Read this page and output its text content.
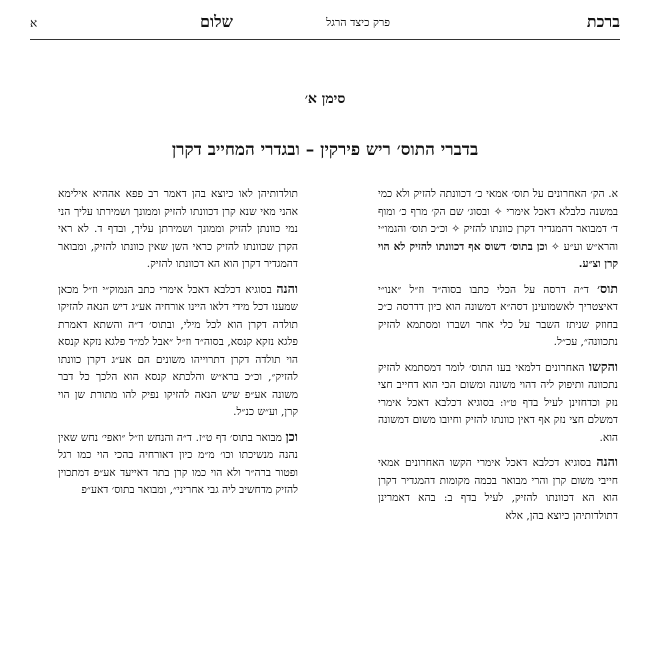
ברכת
פרק כיצד הרגל
שלום
א
סימן א׳
בדברי התוס׳ ריש פירקין – ובגדרי המחייב דקרן

א. הק׳ האחרונים על תוס׳ אמאי כ׳ דכוונתה להזיק ולא כמי במשנה כלבלא דאכל אימרי ✧ ובסוג׳ שם הק׳ מרף כ׳ ומוף ד׳ דמבואר דהמגדיר דקרן כוונתו להזיק ✧ וכ״כ תוס׳ והגמו״י והרא״ש וע״ע ✧ וכן בתוס׳ דשוס אף דכוונתו להזיק לא הוי קרן וצ״ע.

תוס׳ ד״ה דרסה על הכלי כתבו בסוה״ד וז״ל ״אנו״י דאיצטריך לאשמועינן דסה״א דמשונה הוא כיון דדרסה כ״כ בחוזק שניתז השבר על כלי אחר ושברו ומסתמא להזיק נתכוונה״, עכ״ל.

והקשו האחרונים דלמאי בעו התוס׳ לומר דמסתמא להזיק נתכוונה ותיפוק ליה דהוי משונה ומשום הכי הוא דחייב חצי נזק וכדחזינן לעיל בדף ט״ו: בסוגיא דכלבא דאכל אימרי דמשלם חצי נזק אף דאין כוונתו להזיק וחיובו משום דמשונה הוא.

והנה בסוגיא דכלבא דאכל אימרי הקשו האחרונים אמאי חייבי משום קרן והרי מבואר בכמה מקומות דהמגדיר דקרן הוא הא דכוונתו להזיק, לעיל בדף ב: בהא דאמרינן דתולדותיהן כיוצא בהן, אלא

תולדותיהן לאו כיוצא בהן דאמר רב פפא אההיא אילימא אהני מאי שנא קרן דכוונתו להזיק וממונך ושמירתו עליך הני נמי כוונתן להזיק וממונך ושמירתן עליך, ובדף ד. לא ראי הקרן שכוונתו להזיק כראי השן שאין כוונתו להזיק, ומבואר דהמגדיר דקרן הוא הא דכוונתו להזיק.

והנה בסוגיא דכלבא דאכל אימרי כתב הנמוק״י וז״ל מכאן שמענו דכל מידי דלאו היינו אורחיה אע״ג דיש הנאה להזיקו תולדה דקרן הוא לכל מילי, ובתוס׳ ד״ה והשתא דאמרת פלגא נזקא קנסא, בסוה״ד וז״ל ״אבל למ״ד פלגא נזקא קנסא הוי תולדה דקרן דתרוייהו משונים הם אע״ג דקרן כוונתו להזיק״, וכ״כ ברא״ש והלכתא קנסא הוא הלכך כל דבר משונה אע״פ שיש הנאה להזיקו נפיק להו מתורת שן הוי קרן, וע״ש כנ״ל.

וכן מבואר בתוס׳ דף ט״ז. ד״ה והנחש וז״ל ״ואפי׳ נחש שאין נהנה מנשיכתו וכו׳ מ״מ כיון דאורחיה בהכי הוי כמו רגל ופטור ברה״ר ולא הוי כמו קרן בתר דאייעד אע״פ דמתכוין להזיק מדחשיב ליה גבי אחריני״, ומבואר בתוס׳ דאע״פ
